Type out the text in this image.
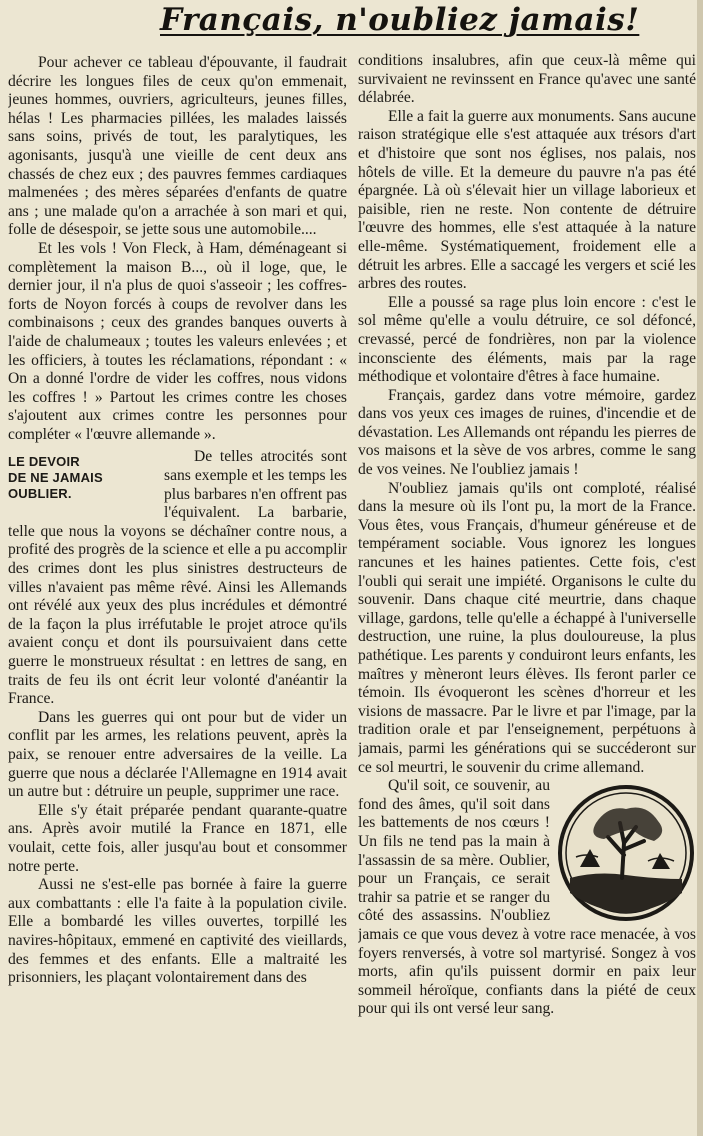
Français, n'oubliez jamais!

Pour achever ce tableau d'épouvante, il faudrait décrire les longues files de ceux qu'on emmenait, jeunes hommes, ouvriers, agriculteurs, jeunes filles, hélas ! Les pharmacies pillées, les malades laissés sans soins, privés de tout, les paralytiques, les agonisants, jusqu'à une vieille de cent deux ans chassés de chez eux ; des pauvres femmes cardiaques malmenées ; des mères séparées d'enfants de quatre ans ; une malade qu'on a arrachée à son mari et qui, folle de désespoir, se jette sous une automobile....

Et les vols ! Von Fleck, à Ham, déménageant si complètement la maison B..., où il loge, que, le dernier jour, il n'a plus de quoi s'asseoir ; les coffres-forts de Noyon forcés à coups de revolver dans les combinaisons ; ceux des grandes banques ouverts à l'aide de chalumeaux ; toutes les valeurs enlevées ; et les officiers, à toutes les réclamations, répondant : « On a donné l'ordre de vider les coffres, nous vidons les coffres ! » Partout les crimes contre les choses s'ajoutent aux crimes contre les personnes pour compléter « l'œuvre allemande ».

LE DEVOIR
DE NE JAMAIS
OUBLIER.

De telles atrocités sont sans exemple et les temps les plus barbares n'en offrent pas l'équivalent. La barbarie, telle que nous la voyons se déchaîner contre nous, a profité des progrès de la science et elle a pu accomplir des crimes dont les plus sinistres destructeurs de villes n'avaient pas même rêvé. Ainsi les Allemands ont révélé aux yeux des plus incrédules et démontré de la façon la plus irréfutable le projet atroce qu'ils avaient conçu et dont ils poursuivaient dans cette guerre le monstrueux résultat : en lettres de sang, en traits de feu ils ont écrit leur volonté d'anéantir la France.

Dans les guerres qui ont pour but de vider un conflit par les armes, les relations peuvent, après la paix, se renouer entre adversaires de la veille. La guerre que nous a déclarée l'Allemagne en 1914 avait un autre but : détruire un peuple, supprimer une race.

Elle s'y était préparée pendant quarante-quatre ans. Après avoir mutilé la France en 1871, elle voulait, cette fois, aller jusqu'au bout et consommer notre perte.

Aussi ne s'est-elle pas bornée à faire la guerre aux combattants : elle l'a faite à la population civile. Elle a bombardé les villes ouvertes, torpillé les navires-hôpitaux, emmené en captivité des vieillards, des femmes et des enfants. Elle a maltraité les prisonniers, les plaçant volontairement dans des

conditions insalubres, afin que ceux-là même qui survivaient ne revinssent en France qu'avec une santé délabrée.

Elle a fait la guerre aux monuments. Sans aucune raison stratégique elle s'est attaquée aux trésors d'art et d'histoire que sont nos églises, nos palais, nos hôtels de ville. Et la demeure du pauvre n'a pas été épargnée. Là où s'élevait hier un village laborieux et paisible, rien ne reste. Non contente de détruire l'œuvre des hommes, elle s'est attaquée à la nature elle-même. Systématiquement, froidement elle a détruit les arbres. Elle a saccagé les vergers et scié les arbres des routes.

Elle a poussé sa rage plus loin encore : c'est le sol même qu'elle a voulu détruire, ce sol défoncé, crevassé, percé de fondrières, non par la violence inconsciente des éléments, mais par la rage méthodique et volontaire d'êtres à face humaine.

Français, gardez dans votre mémoire, gardez dans vos yeux ces images de ruines, d'incendie et de dévastation. Les Allemands ont répandu les pierres de vos maisons et la sève de vos arbres, comme le sang de vos veines. Ne l'oubliez jamais !

N'oubliez jamais qu'ils ont comploté, réalisé dans la mesure où ils l'ont pu, la mort de la France. Vous êtes, vous Français, d'humeur généreuse et de tempérament sociable. Vous ignorez les longues rancunes et les haines patientes. Cette fois, c'est l'oubli qui serait une impiété. Organisons le culte du souvenir. Dans chaque cité meurtrie, dans chaque village, gardons, telle qu'elle a échappé à l'universelle destruction, une ruine, la plus douloureuse, la plus pathétique. Les parents y conduiront leurs enfants, les maîtres y mèneront leurs élèves. Ils feront parler ce témoin. Ils évoqueront les scènes d'horreur et les visions de massacre. Par le livre et par l'image, par la tradition orale et par l'enseignement, perpétuons à jamais, parmi les générations qui se succéderont sur ce sol meurtri, le souvenir du crime allemand.

Qu'il soit, ce souvenir, au fond des âmes, qu'il soit dans les battements de nos cœurs ! Un fils ne tend pas la main à l'assassin de sa mère. Oublier, pour un Français, ce serait trahir sa patrie et se ranger du côté des assassins. N'oubliez jamais ce que vous devez à votre race menacée, à vos foyers renversés, à votre sol martyrisé. Songez à vos morts, afin qu'ils puissent dormir en paix leur sommeil héroïque, confiants dans la piété de ceux pour qui ils ont versé leur sang.
